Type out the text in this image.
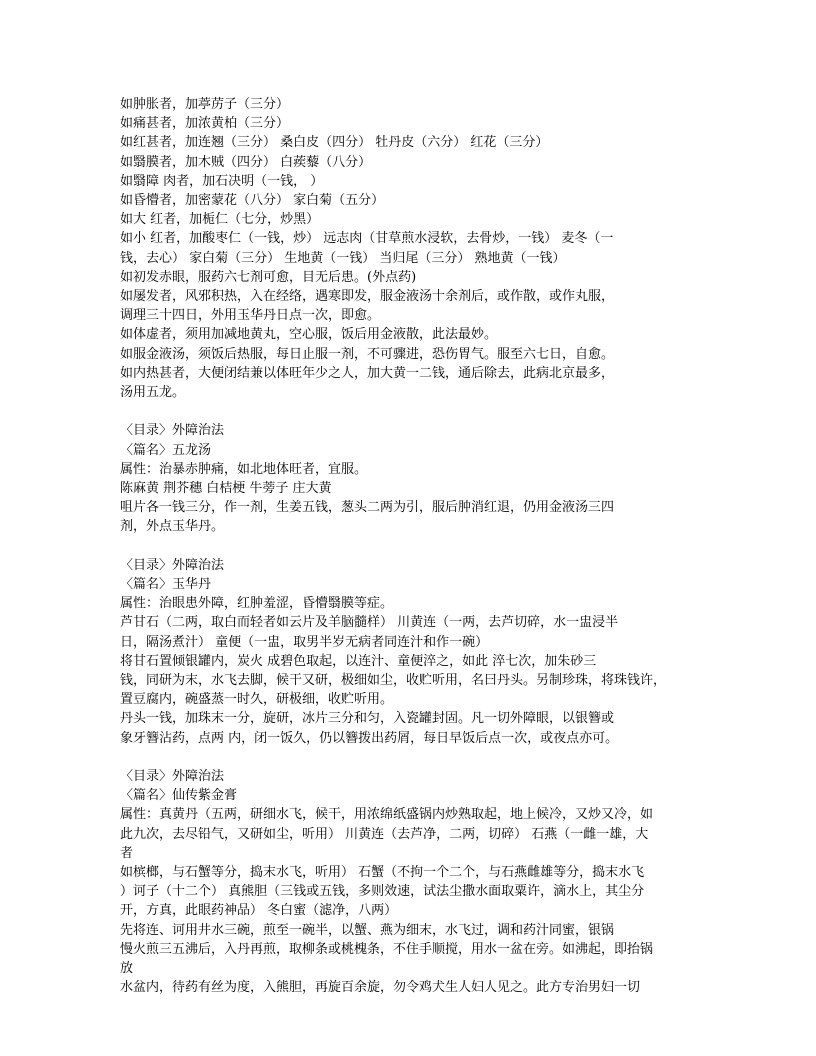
如肿胀者，加葶苈子（三分）

如痛甚者，加浓黄柏（三分）

如红甚者，加连翘（三分） 桑白皮（四分） 牡丹皮（六分） 红花（三分）

如翳膜者，加木贼（四分） 白蒺藜（八分）

如翳障 肉者，加石决明（一钱， ）

如昏懵者，加密蒙花（八分） 家白菊（五分）

如大 红者，加栀仁（七分，炒黑）

如小 红者，加酸枣仁（一钱，炒） 远志肉（甘草煎水浸软，去骨炒，一钱） 麦冬（一

钱，去心） 家白菊（三分） 生地黄（一钱） 当归尾（三分） 熟地黄（一钱）

如初发赤眼，服药六七剂可愈，目无后患。(外点药)

如屡发者，风邪积热，入在经络，遇寒即发，服金液汤十余剂后，或作散，或作丸服，

调理三十四日，外用玉华丹日点一次，即愈。

如体虚者，须用加减地黄丸，空心服，饭后用金液散，此法最妙。

如服金液汤，须饭后热服，每日止服一剂，不可骤进，恐伤胃气。服至六七日，自愈。

如内热甚者，大便闭结兼以体旺年少之人，加大黄一二钱，通后除去，此病北京最多，

汤用五龙。

〈目录〉外障治法

〈篇名〉五龙汤

属性：治暴赤肿痛，如北地体旺者，宜服。

陈麻黄 荆芥穗 白桔梗 牛蒡子 庄大黄

咀片各一钱三分，作一剂，生姜五钱，葱头二两为引，服后肿消红退，仍用金液汤三四

剂，外点玉华丹。

〈目录〉外障治法

〈篇名〉玉华丹

属性：治眼患外障，红肿羞涩，昏懵翳膜等症。

芦甘石（二两，取白而轻者如云片及羊脑髓样） 川黄连（一两，去芦切碎，水一盅浸半

日，隔汤煮汁） 童便（一盅，取男半岁无病者同连汁和作一碗）

将甘石置倾银罐内，炭火 成碧色取起，以连汁、童便淬之，如此 淬七次，加朱砂三

钱，同研为末，水飞去脚，候干又研，极细如尘，收贮听用，名曰丹头。另制珍珠，将珠钱许，

置豆腐内，碗盛蒸一时久，研极细，收贮听用。

丹头一钱，加珠末一分，旋研，冰片三分和匀，入瓷罐封固。凡一切外障眼，以银簪或

象牙簪沾药，点两 内，闭一饭久，仍以簪拨出药屑，每日早饭后点一次，或夜点亦可。

〈目录〉外障治法

〈篇名〉仙传紫金膏

属性：真黄丹（五两，研细水飞，候干，用浓绵纸盛锅内炒熟取起，地上候冷，又炒又冷，如

此九次，去尽铅气，又研如尘，听用） 川黄连（去芦净，二两，切碎） 石燕（一雌一雄，大

者

如槟榔，与石蟹等分，捣末水飞，听用） 石蟹（不拘一个二个，与石燕雌雄等分，捣末水飞

）诃子（十二个） 真熊胆（三钱或五钱，多则效速，试法尘撒水面取粟许，滴水上，其尘分

开，方真，此眼药神品） 冬白蜜（滤净，八两）

先将连、诃用井水三碗，煎至一碗半，以蟹、燕为细末，水飞过，调和药汁同蜜，银锅

慢火煎三五沸后，入丹再煎，取柳条或桃槐条，不住手顺搅，用水一盆在旁。如沸起，即抬锅

放

水盆内，待药有丝为度，入熊胆，再旋百余旋，勿令鸡犬生人妇人见之。此方专治男妇一切
